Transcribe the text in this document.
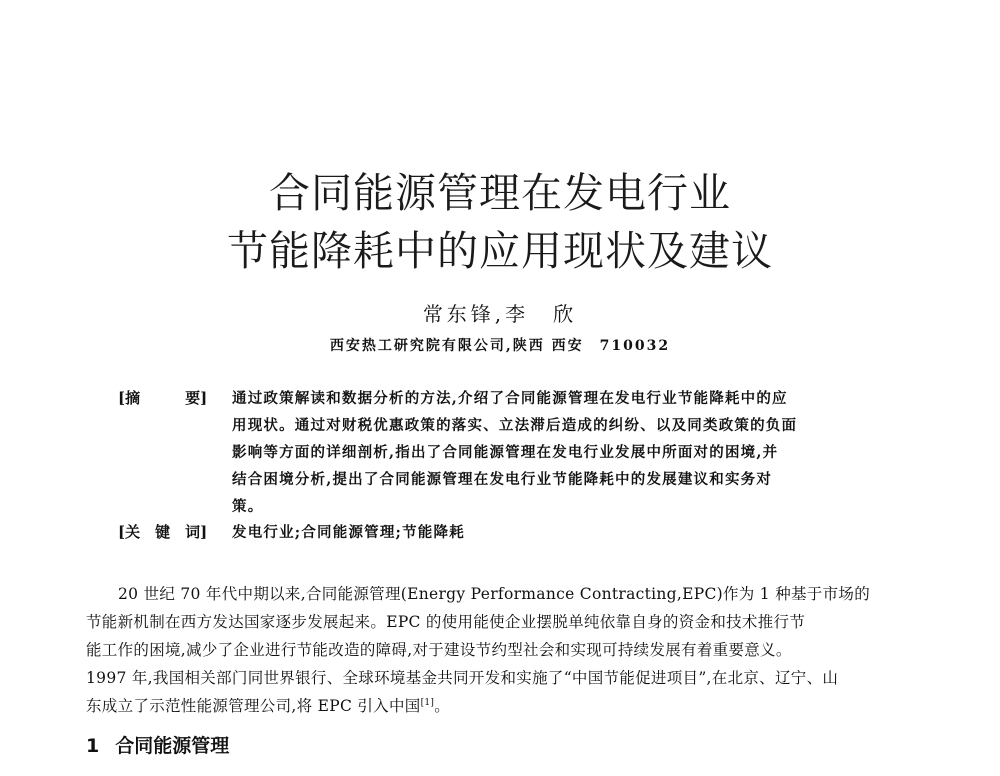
合同能源管理在发电行业
节能降耗中的应用现状及建议
常东锋,李　欣
西安热工研究院有限公司,陕西 西安　710032
[摘　　　要] 通过政策解读和数据分析的方法,介绍了合同能源管理在发电行业节能降耗中的应
用现状。通过对财税优惠政策的落实、立法滞后造成的纠纷、以及同类政策的负面
影响等方面的详细剖析,指出了合同能源管理在发电行业发展中所面对的困境,并
结合困境分析,提出了合同能源管理在发电行业节能降耗中的发展建议和实务对
策。
[关　键　词] 发电行业;合同能源管理;节能降耗
20 世纪 70 年代中期以来,合同能源管理(Energy Performance Contracting,EPC)作为 1 种基于市场的
节能新机制在西方发达国家逐步发展起来。EPC 的使用能使企业摆脱单纯依靠自身的资金和技术推行节
能工作的困境,减少了企业进行节能改造的障碍,对于建设节约型社会和实现可持续发展有着重要意义。
1997 年,我国相关部门同世界银行、全球环境基金共同开发和实施了“中国节能促进项目”,在北京、辽宁、山
东成立了示范性能源管理公司,将 EPC 引入中国[1]。
1 合同能源管理
